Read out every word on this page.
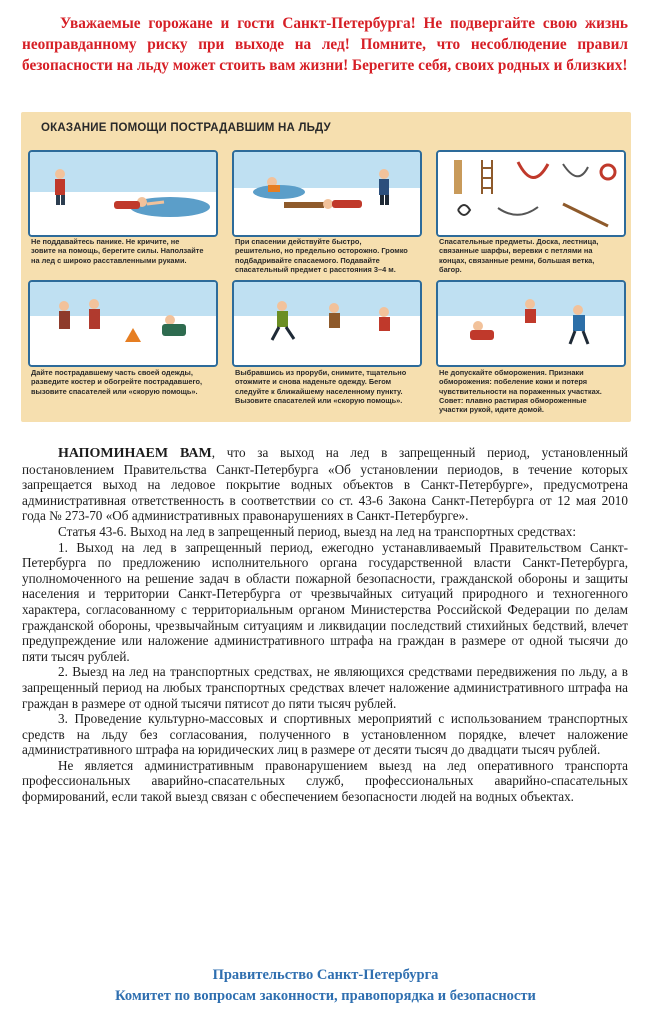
Уважаемые горожане и гости Санкт-Петербурга! Не подвергайте свою жизнь неоправданному риску при выходе на лед! Помните, что несоблюдение правил безопасности на льду может стоить вам жизни! Берегите себя, своих родных и близких!

ОКАЗАНИЕ ПОМОЩИ ПОСТРАДАВШИМ НА ЛЬДУ

Не поддавайтесь панике. Не кричите, не зовите на помощь, берегите силы. Наползайте на лед с широко расставленными руками.

При спасении действуйте быстро, решительно, но предельно осторожно. Громко подбадривайте спасаемого. Подавайте спасательный предмет с расстояния 3–4 м.

Спасательные предметы. Доска, лестница, связанные шарфы, веревки с петлями на концах, связанные ремни, большая ветка, багор.

Дайте пострадавшему часть своей одежды, разведите костер и обогрейте пострадавшего, вызовите спасателей или «скорую помощь».

Выбравшись из проруби, снимите, тщательно отожмите и снова наденьте одежду. Бегом следуйте к ближайшему населенному пункту. Вызовите спасателей или «скорую помощь».

Не допускайте обморожения. Признаки обморожения: побеление кожи и потеря чувствительности на пораженных участках. Совет: плавно растирая обмороженные участки рукой, идите домой.

НАПОМИНАЕМ ВАМ, что за выход на лед в запрещенный период, установленный постановлением Правительства Санкт-Петербурга «Об установлении периодов, в течение которых запрещается выход на ледовое покрытие водных объектов в Санкт-Петербурге», предусмотрена административная ответственность в соответствии со ст. 43-6 Закона Санкт-Петербурга от 12 мая 2010 года № 273-70 «Об административных правонарушениях в Санкт-Петербурге».

Статья 43-6. Выход на лед в запрещенный период, выезд на лед на транспортных средствах:

1. Выход на лед в запрещенный период, ежегодно устанавливаемый Правительством Санкт-Петербурга по предложению исполнительного органа государственной власти Санкт-Петербурга, уполномоченного на решение задач в области пожарной безопасности, гражданской обороны и защиты населения и территории Санкт-Петербурга от чрезвычайных ситуаций природного и техногенного характера, согласованному с территориальным органом Министерства Российской Федерации по делам гражданской обороны, чрезвычайным ситуациям и ликвидации последствий стихийных бедствий, влечет предупреждение или наложение административного штрафа на граждан в размере от одной тысячи до пяти тысяч рублей.

2. Выезд на лед на транспортных средствах, не являющихся средствами передвижения по льду, а в запрещенный период на любых транспортных средствах влечет наложение административного штрафа на граждан в размере от одной тысячи пятисот до пяти тысяч рублей.

3. Проведение культурно-массовых и спортивных мероприятий с использованием транспортных средств на льду без согласования, полученного в установленном порядке, влечет наложение административного штрафа на юридических лиц в размере от десяти тысяч до двадцати тысяч рублей.

Не является административным правонарушением выезд на лед оперативного транспорта профессиональных аварийно-спасательных служб, профессиональных аварийно-спасательных формирований, если такой выезд связан с обеспечением безопасности людей на водных объектах.

Правительство Санкт-Петербурга

Комитет по вопросам законности, правопорядка и безопасности
